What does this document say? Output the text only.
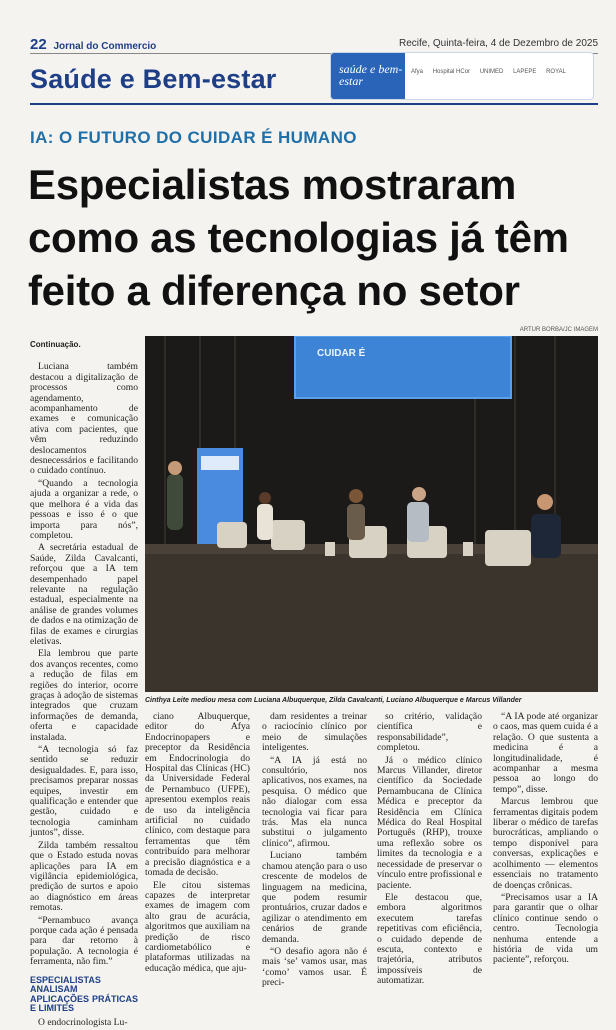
22 Jornal do Commercio	Recife, Quinta-feira, 4 de Dezembro de 2025
Saúde e Bem-estar	saúde e bem-estar
Afya Hospital HCor UNIMED LAPEPE ROYAL
IA: O FUTURO DO CUIDAR É HUMANO
Especialistas mostraram como as tecnologias já têm feito a diferença no setor
ARTUR BORBA/JC IMAGEM
CUIDAR É
Cinthya Leite mediou mesa com Luciana Albuquerque, Zilda Cavalcanti, Luciano Albuquerque e Marcus Villander

Continuação.

Luciana também destacou a digitalização de processos como agendamento, acompanhamento de exames e comunicação ativa com pacientes, que vêm reduzindo deslocamentos desnecessários e facilitando o cuidado contínuo.

“Quando a tecnologia ajuda a organizar a rede, o que melhora é a vida das pessoas e isso é o que importa para nós”, completou.

A secretária estadual de Saúde, Zilda Cavalcanti, reforçou que a IA tem desempenhado papel relevante na regulação estadual, especialmente na análise de grandes volumes de dados e na otimização de filas de exames e cirurgias eletivas.

Ela lembrou que parte dos avanços recentes, como a redução de filas em regiões do interior, ocorre graças à adoção de sistemas integrados que cruzam informações de demanda, oferta e capacidade instalada.

“A tecnologia só faz sentido se reduzir desigualdades. E, para isso, precisamos preparar nossas equipes, investir em qualificação e entender que gestão, cuidado e tecnologia caminham juntos”, disse.

Zilda também ressaltou que o Estado estuda novas aplicações para IA em vigilância epidemiológica, predição de surtos e apoio ao diagnóstico em áreas remotas.

“Pernambuco avança porque cada ação é pensada para dar retorno à população. A tecnologia é ferramenta, não fim.”

ESPECIALISTAS ANALISAM APLICAÇÕES PRÁTICAS E LIMITES

O endocrinologista Lu-

ciano Albuquerque, editor do Afya Endocrinopapers e preceptor da Residência em Endocrinologia do Hospital das Clínicas (HC) da Universidade Federal de Pernambuco (UFPE), apresentou exemplos reais de uso da inteligência artificial no cuidado clínico, com destaque para ferramentas que têm contribuído para melhorar a precisão diagnóstica e a tomada de decisão.

Ele citou sistemas capazes de interpretar exames de imagem com alto grau de acurácia, algoritmos que auxiliam na predição de risco cardiometabólico e plataformas utilizadas na educação médica, que aju-

dam residentes a treinar o raciocínio clínico por meio de simulações inteligentes.

“A IA já está no consultório, nos aplicativos, nos exames, na pesquisa. O médico que não dialogar com essa tecnologia vai ficar para trás. Mas ela nunca substitui o julgamento clínico”, afirmou.

Luciano também chamou atenção para o uso crescente de modelos de linguagem na medicina, que podem resumir prontuários, cruzar dados e agilizar o atendimento em cenários de grande demanda.

“O desafio agora não é mais ‘se’ vamos usar, mas ‘como’ vamos usar. É preci-

so critério, validação científica e responsabilidade”, completou.

Já o médico clínico Marcus Villander, diretor científico da Sociedade Pernambucana de Clínica Médica e preceptor da Residência em Clínica Médica do Real Hospital Português (RHP), trouxe uma reflexão sobre os limites da tecnologia e a necessidade de preservar o vínculo entre profissional e paciente.

Ele destacou que, embora algoritmos executem tarefas repetitivas com eficiência, o cuidado depende de escuta, contexto e trajetória, atributos impossíveis de automatizar.

“A IA pode até organizar o caos, mas quem cuida é a relação. O que sustenta a medicina é a longitudinalidade, é acompanhar a mesma pessoa ao longo do tempo”, disse.

Marcus lembrou que ferramentas digitais podem liberar o médico de tarefas burocráticas, ampliando o tempo disponível para conversas, explicações e acolhimento — elementos essenciais no tratamento de doenças crônicas.

“Precisamos usar a IA para garantir que o olhar clínico continue sendo o centro. Tecnologia nenhuma entende a história de vida um paciente”, reforçou.
